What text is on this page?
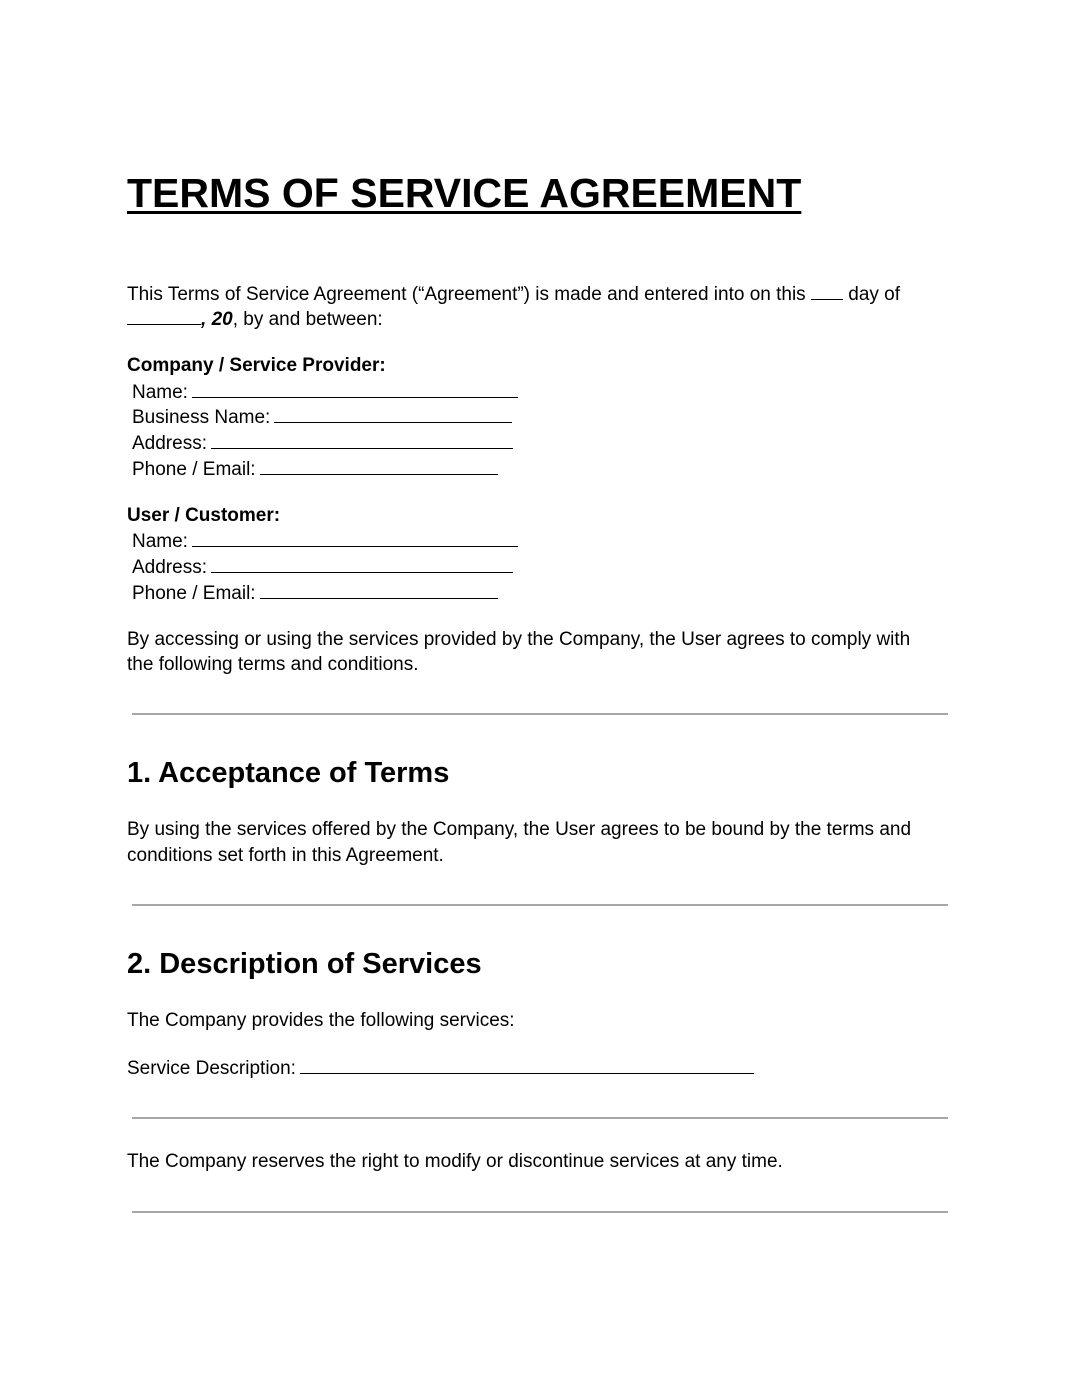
TERMS OF SERVICE AGREEMENT
This Terms of Service Agreement (“Agreement”) is made and entered into on this day of
, 20, by and between:
Company / Service Provider:
Name:
Business Name:
Address:
Phone / Email:
User / Customer:
Name:
Address:
Phone / Email:
By accessing or using the services provided by the Company, the User agrees to comply with
the following terms and conditions.
1. Acceptance of Terms
By using the services offered by the Company, the User agrees to be bound by the terms and
conditions set forth in this Agreement.
2. Description of Services
The Company provides the following services:
Service Description:
The Company reserves the right to modify or discontinue services at any time.
